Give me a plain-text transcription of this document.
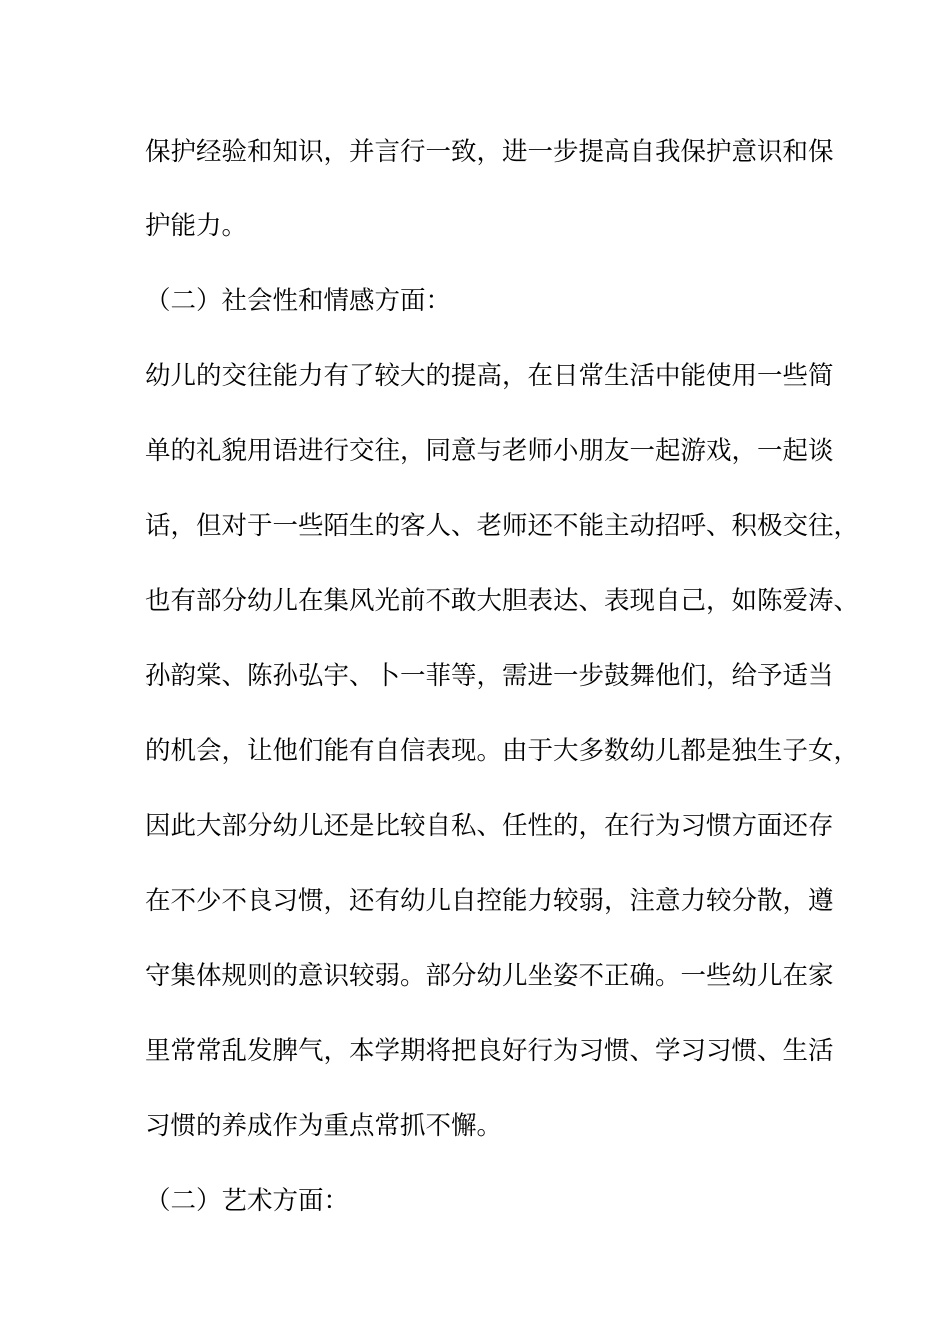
保护经验和知识，并言行一致，进一步提高自我保护意识和保
护能力。
（二）社会性和情感方面：
幼儿的交往能力有了较大的提高，在日常生活中能使用一些简
单的礼貌用语进行交往，同意与老师小朋友一起游戏，一起谈
话，但对于一些陌生的客人、老师还不能主动招呼、积极交往，
也有部分幼儿在集风光前不敢大胆表达、表现自己，如陈爱涛、
孙韵棠、陈孙弘宇、卜一菲等，需进一步鼓舞他们，给予适当
的机会，让他们能有自信表现。由于大多数幼儿都是独生子女，
因此大部分幼儿还是比较自私、任性的，在行为习惯方面还存
在不少不良习惯，还有幼儿自控能力较弱，注意力较分散，遵
守集体规则的意识较弱。部分幼儿坐姿不正确。一些幼儿在家
里常常乱发脾气，本学期将把良好行为习惯、学习习惯、生活
习惯的养成作为重点常抓不懈。
（二）艺术方面：
